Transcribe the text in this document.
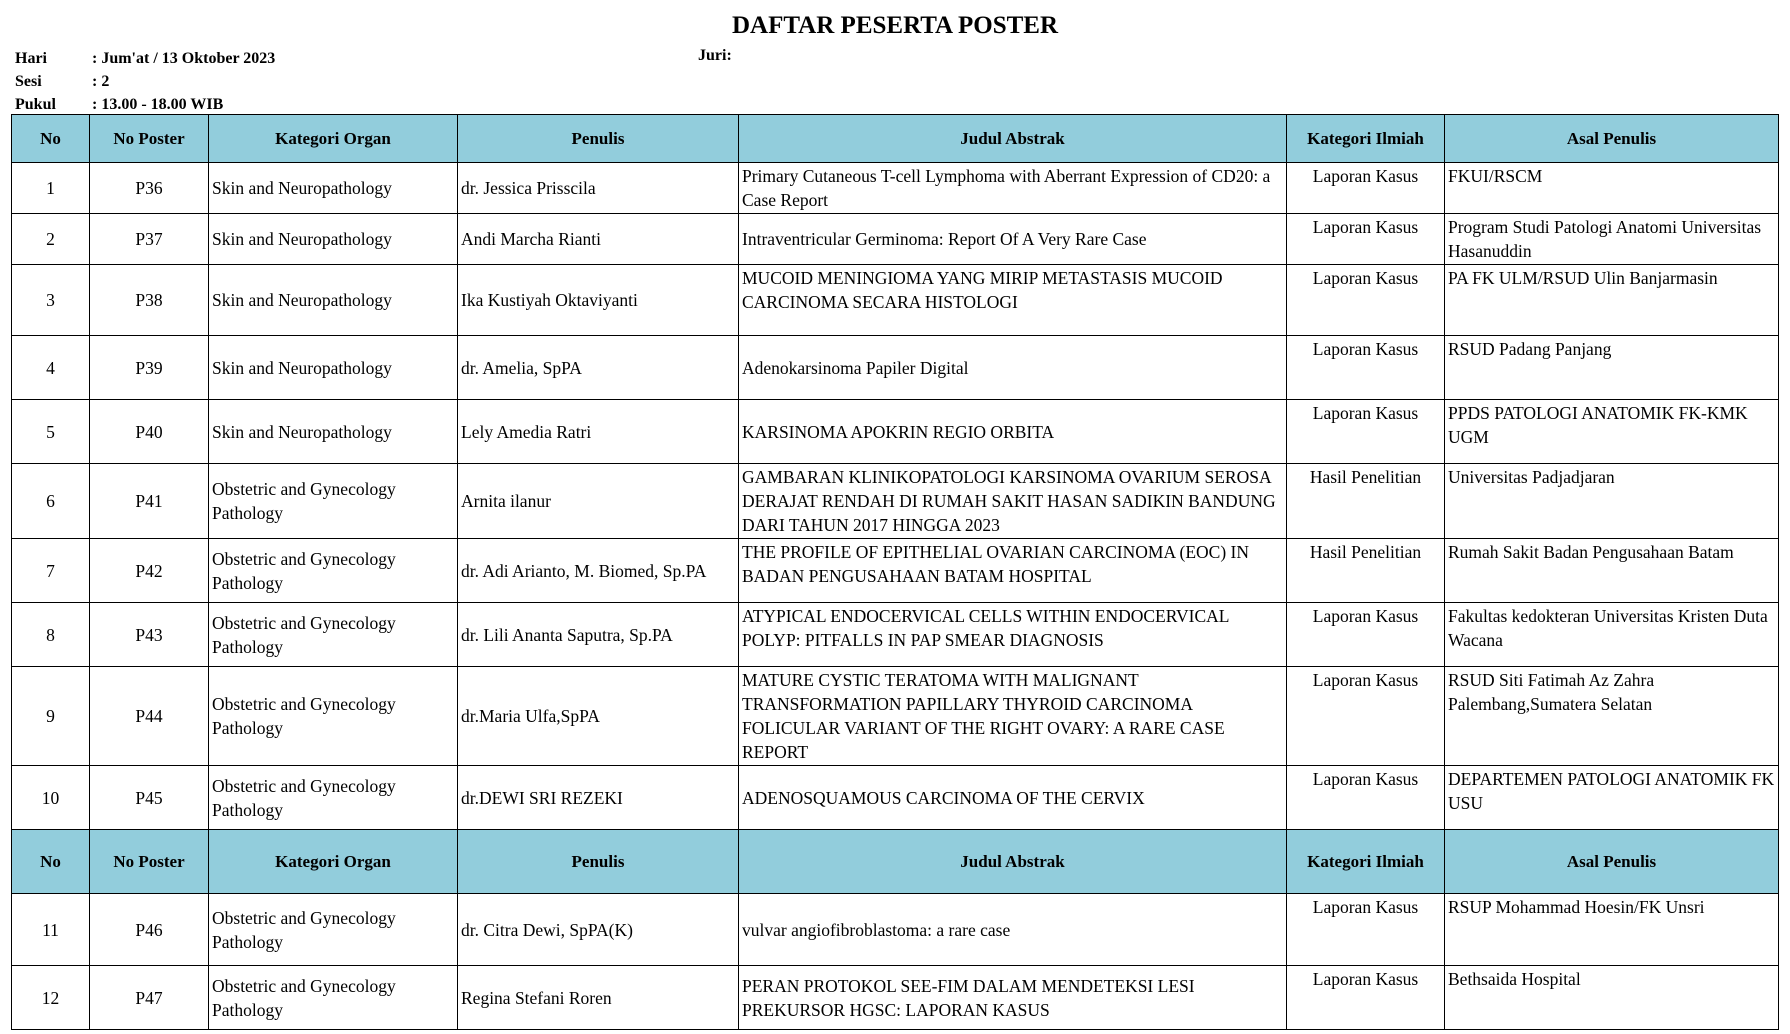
DAFTAR PESERTA POSTER
Hari	: Jum'at / 13 Oktober 2023
Sesi	: 2
Pukul : 13.00 - 18.00 WIB
Juri:
No	No Poster	Kategori Organ	Penulis	Judul Abstrak	Kategori Ilmiah	Asal Penulis
1	P36	Skin and Neuropathology	dr. Jessica Prisscila	Primary Cutaneous T-cell Lymphoma with Aberrant Expression of CD20: a Case Report	Laporan Kasus	FKUI/RSCM
2	P37	Skin and Neuropathology	Andi Marcha Rianti	Intraventricular Germinoma: Report Of A Very Rare Case	Laporan Kasus	Program Studi Patologi Anatomi Universitas Hasanuddin
3	P38	Skin and Neuropathology	Ika Kustiyah Oktaviyanti	MUCOID MENINGIOMA YANG MIRIP METASTASIS MUCOID CARCINOMA SECARA HISTOLOGI	Laporan Kasus	PA FK ULM/RSUD Ulin Banjarmasin
4	P39	Skin and Neuropathology	dr. Amelia, SpPA	Adenokarsinoma Papiler Digital	Laporan Kasus	RSUD Padang Panjang
5	P40	Skin and Neuropathology	Lely Amedia Ratri	KARSINOMA APOKRIN REGIO ORBITA	Laporan Kasus	PPDS PATOLOGI ANATOMIK FK-KMK UGM
6	P41	Obstetric and Gynecology Pathology	Arnita ilanur	GAMBARAN KLINIKOPATOLOGI KARSINOMA OVARIUM SEROSA DERAJAT RENDAH DI RUMAH SAKIT HASAN SADIKIN BANDUNG DARI TAHUN 2017 HINGGA 2023	Hasil Penelitian	Universitas Padjadjaran
7	P42	Obstetric and Gynecology Pathology	dr. Adi Arianto, M. Biomed, Sp.PA	THE PROFILE OF EPITHELIAL OVARIAN CARCINOMA (EOC) IN BADAN PENGUSAHAAN BATAM HOSPITAL	Hasil Penelitian	Rumah Sakit Badan Pengusahaan Batam
8	P43	Obstetric and Gynecology Pathology	dr. Lili Ananta Saputra, Sp.PA	ATYPICAL ENDOCERVICAL CELLS WITHIN ENDOCERVICAL POLYP: PITFALLS IN PAP SMEAR DIAGNOSIS	Laporan Kasus	Fakultas kedokteran Universitas Kristen Duta Wacana
9	P44	Obstetric and Gynecology Pathology	dr.Maria Ulfa,SpPA	MATURE CYSTIC TERATOMA WITH MALIGNANT TRANSFORMATION PAPILLARY THYROID CARCINOMA FOLICULAR VARIANT OF THE RIGHT OVARY: A RARE CASE REPORT	Laporan Kasus	RSUD Siti Fatimah Az Zahra Palembang,Sumatera Selatan
10	P45	Obstetric and Gynecology Pathology	dr.DEWI SRI REZEKI	ADENOSQUAMOUS CARCINOMA OF THE CERVIX	Laporan Kasus	DEPARTEMEN PATOLOGI ANATOMIK FK USU
No	No Poster	Kategori Organ	Penulis	Judul Abstrak	Kategori Ilmiah	Asal Penulis
11	P46	Obstetric and Gynecology Pathology	dr. Citra Dewi, SpPA(K)	vulvar angiofibroblastoma: a rare case	Laporan Kasus	RSUP Mohammad Hoesin/FK Unsri
12	P47	Obstetric and Gynecology Pathology	Regina Stefani Roren	PERAN PROTOKOL SEE-FIM DALAM MENDETEKSI LESI PREKURSOR HGSC: LAPORAN KASUS	Laporan Kasus	Bethsaida Hospital
